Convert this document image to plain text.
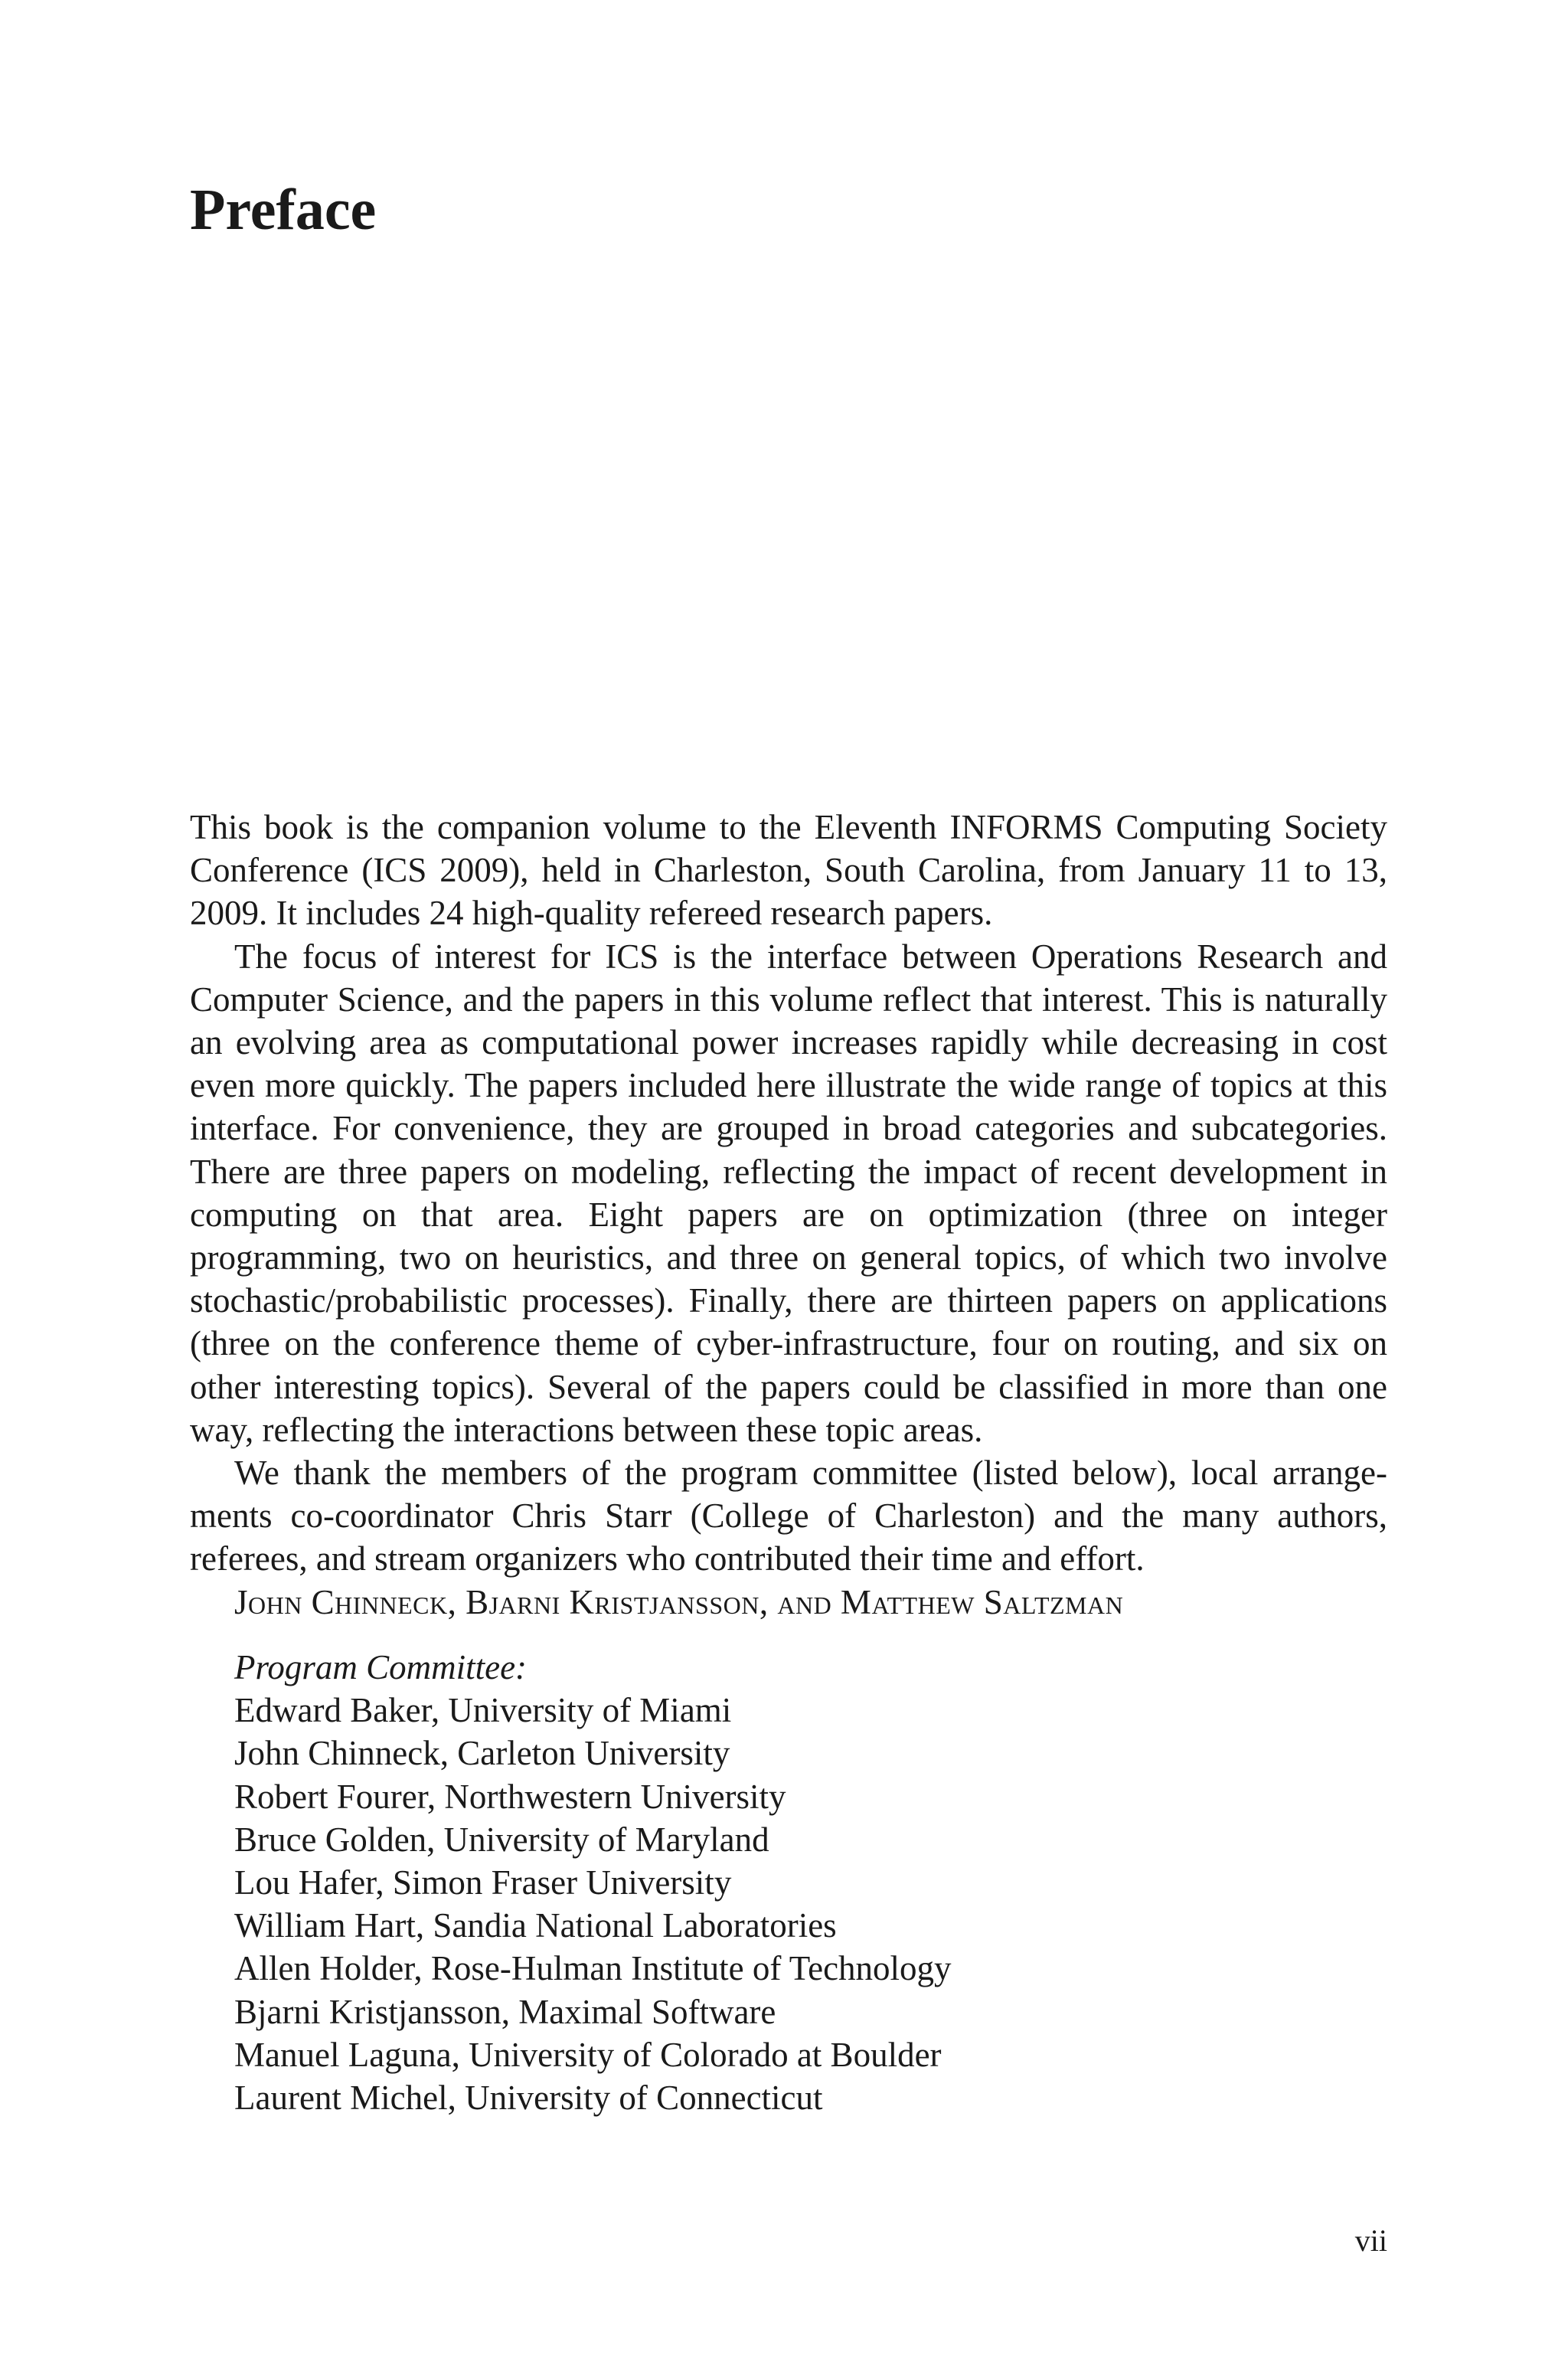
Preface

This book is the companion volume to the Eleventh INFORMS Computing Society Conference (ICS 2009), held in Charleston, South Carolina, from January 11 to 13, 2009. It includes 24 high-quality refereed research papers.

The focus of interest for ICS is the interface between Operations Research and Computer Science, and the papers in this volume reflect that interest. This is naturally an evolving area as computational power increases rapidly while decreasing in cost even more quickly. The papers included here illustrate the wide range of topics at this interface. For convenience, they are grouped in broad categories and subcategories. There are three papers on modeling, reflecting the impact of recent development in computing on that area. Eight papers are on optimization (three on integer programming, two on heuristics, and three on general topics, of which two involve stochastic/probabilistic processes). Finally, there are thirteen papers on applications (three on the conference theme of cyber-infrastructure, four on routing, and six on other interesting topics). Several of the papers could be classified in more than one way, reflecting the interactions between these topic areas.

We thank the members of the program committee (listed below), local arrangements co-coordinator Chris Starr (College of Charleston) and the many authors, referees, and stream organizers who contributed their time and effort.

John Chinneck, Bjarni Kristjansson, and Matthew Saltzman

Program Committee:

Edward Baker, University of Miami
John Chinneck, Carleton University
Robert Fourer, Northwestern University
Bruce Golden, University of Maryland
Lou Hafer, Simon Fraser University
William Hart, Sandia National Laboratories
Allen Holder, Rose-Hulman Institute of Technology
Bjarni Kristjansson, Maximal Software
Manuel Laguna, University of Colorado at Boulder
Laurent Michel, University of Connecticut
vii
